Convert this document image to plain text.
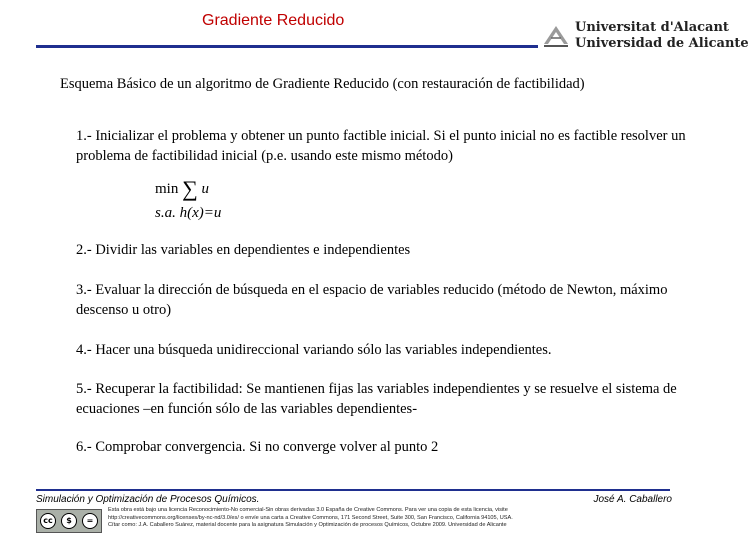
Gradiente Reducido	Universitat d'Alacant
Universidad de Alicante
Esquema Básico de un algoritmo de Gradiente Reducido (con restauración de factibilidad)
1.- Inicializar el problema y obtener un punto factible inicial. Si el punto inicial no es factible resolver un problema de factibilidad inicial (p.e. usando este mismo método)
min ∑ u
s.a. h(x)=u
2.- Dividir las variables en dependientes e independientes
3.- Evaluar la dirección de búsqueda en el espacio de variables reducido (método de Newton, máximo descenso u otro)
4.- Hacer una búsqueda unidireccional variando sólo las variables independientes.
5.- Recuperar la factibilidad: Se mantienen fijas las variables independientes y se resuelve el sistema de ecuaciones –en función sólo de las variables dependientes-
6.- Comprobar convergencia. Si no converge volver al punto 2
Simulación y Optimización de Procesos Químicos.	José A. Caballero
cc	$	=
Esta obra está bajo una licencia Reconocimiento-No comercial-Sin obras derivadas 3.0 España de Creative Commons. Para ver una copia de esta licencia, visite
http://creativecommons.org/licenses/by-nc-nd/3.0/es/ o envíe una carta a Creative Commons, 171 Second Street, Suite 300, San Francisco, California 94105, USA.
Cítar como: J.A. Caballero Suárez, material docente para la asignatura Simulación y Optimización de procesos Químicos, Octubre 2009. Universidad de Alicante
